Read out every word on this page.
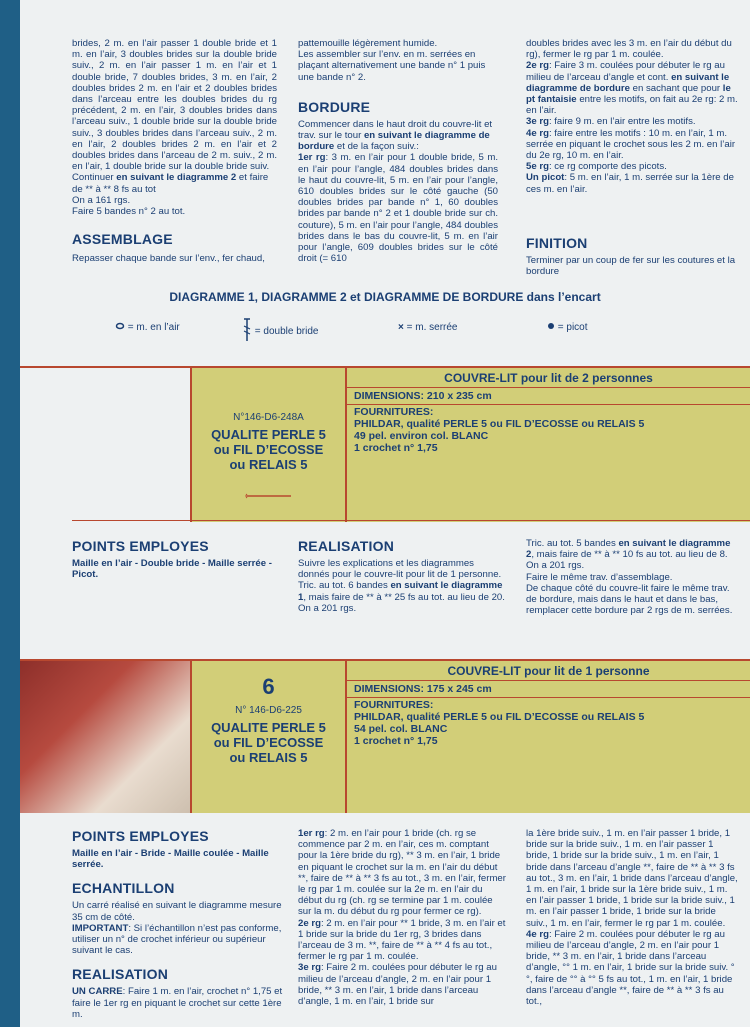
brides, 2 m. en l’air passer 1 double bride et 1 m. en l’air, 3 doubles brides sur la double bride suiv., 2 m. en l’air passer 1 m. en l’air et 1 double bride, 7 doubles brides, 3 m. en l’air, 2 doubles brides 2 m. en l’air et 2 doubles brides dans l’arceau entre les doubles brides du rg précédent, 2 m. en l’air, 3 doubles brides dans l’arceau suiv., 1 double bride sur la double bride suiv., 3 doubles brides dans l’arceau suiv., 2 m. en l’air, 2 doubles brides 2 m. en l’air et 2 doubles brides dans l’arceau de 2 m. suiv., 2 m. en l’air, 1 double bride sur la double bride suiv.

Continuer en suivant le diagramme 2 et faire de ** à ** 8 fs au tot

On a 161 rgs.

Faire 5 bandes n° 2 au tot.

ASSEMBLAGE

Repasser chaque bande sur l’env., fer chaud,

pattemouille légèrement humide.

Les assembler sur l’env. en m. serrées en plaçant alternativement une bande n° 1 puis une bande n° 2.

BORDURE

Commencer dans le haut droit du couvre-lit et trav. sur le tour en suivant le diagramme de bordure et de la façon suiv.:

1er rg: 3 m. en l’air pour 1 double bride, 5 m. en l’air pour l’angle, 484 doubles brides dans le haut du couvre-lit, 5 m. en l’air pour l’angle, 610 doubles brides sur le côté gauche (50 doubles brides par bande n° 1, 60 doubles brides par bande n° 2 et 1 double bride sur ch. couture), 5 m. en l’air pour l’angle, 484 doubles brides dans le bas du couvre-lit, 5 m. en l’air pour l’angle, 609 doubles brides sur le côté droit (= 610

doubles brides avec les 3 m. en l’air du début du rg), fermer le rg par 1 m. coulée.

2e rg: Faire 3 m. coulées pour débuter le rg au milieu de l’arceau d’angle et cont. en suivant le diagramme de bordure en sachant que pour le pt fantaisie entre les motifs, on fait au 2e rg: 2 m. en l’air.

3e rg: faire 9 m. en l’air entre les motifs.

4e rg: faire entre les motifs : 10 m. en l’air, 1 m. serrée en piquant le crochet sous les 2 m. en l’air du 2e rg, 10 m. en l’air.

5e rg: ce rg comporte des picots.

Un picot: 5 m. en l’air, 1 m. serrée sur la 1ère de ces m. en l’air.

FINITION

Terminer par un coup de fer sur les coutures et la bordure

DIAGRAMME 1, DIAGRAMME 2 et DIAGRAMME DE BORDURE dans l’encart
= m. en l’air	= double bride	× = m. serrée	= picot
N°146-D6-248A
QUALITE PERLE 5
ou FIL D’ECOSSE
ou RELAIS 5
COUVRE-LIT pour lit de 2 personnes
DIMENSIONS: 210 x 235 cm
FOURNITURES:
PHILDAR, qualité PERLE 5 ou FIL D’ECOSSE ou RELAIS 5
49 pel. environ col. BLANC
1 crochet n° 1,75

POINTS EMPLOYES

Maille en l’air - Double bride - Maille serrée - Picot.

REALISATION

Suivre les explications et les diagrammes donnés pour le couvre-lit pour lit de 1 personne.

Tric. au tot. 6 bandes en suivant le diagramme 1, mais faire de ** à ** 25 fs au tot. au lieu de 20. On a 201 rgs.

Tric. au tot. 5 bandes en suivant le diagramme 2, mais faire de ** à ** 10 fs au tot. au lieu de 8. On a 201 rgs.

Faire le même trav. d’assemblage.

De chaque côté du couvre-lit faire le même trav. de bordure, mais dans le haut et dans le bas, remplacer cette bordure par 2 rgs de m. serrées.

6
N° 146-D6-225
QUALITE PERLE 5
ou FIL D’ECOSSE
ou RELAIS 5
COUVRE-LIT pour lit de 1 personne
DIMENSIONS: 175 x 245 cm
FOURNITURES:
PHILDAR, qualité PERLE 5 ou FIL D’ECOSSE ou RELAIS 5
54 pel. col. BLANC
1 crochet n° 1,75

POINTS EMPLOYES

Maille en l’air - Bride - Maille coulée - Maille serrée.

ECHANTILLON

Un carré réalisé en suivant le diagramme mesure 35 cm de côté.

IMPORTANT: Si l’échantillon n’est pas conforme, utiliser un n° de crochet inférieur ou supérieur suivant le cas.

REALISATION

UN CARRE: Faire 1 m. en l’air, crochet n° 1,75 et faire le 1er rg en piquant le crochet sur cette 1ère m.

1er rg: 2 m. en l’air pour 1 bride (ch. rg se commence par 2 m. en l’air, ces m. comptant pour la 1ère bride du rg), ** 3 m. en l’air, 1 bride en piquant le crochet sur la m. en l’air du début **, faire de ** à ** 3 fs au tot., 3 m. en l’air, fermer le rg par 1 m. coulée sur la 2e m. en l’air du début du rg (ch. rg se termine par 1 m. coulée sur la m. du début du rg pour fermer ce rg).

2e rg: 2 m. en l’air pour ** 1 bride, 3 m. en l’air et 1 bride sur la bride du 1er rg, 3 brides dans l’arceau de 3 m. **, faire de ** à ** 4 fs au tot., fermer le rg par 1 m. coulée.

3e rg: Faire 2 m. coulées pour débuter le rg au milieu de l’arceau d’angle, 2 m. en l’air pour 1 bride, ** 3 m. en l’air, 1 bride dans l’arceau d’angle, 1 m. en l’air, 1 bride sur

la 1ère bride suiv., 1 m. en l’air passer 1 bride, 1 bride sur la bride suiv., 1 m. en l’air passer 1 bride, 1 bride sur la bride suiv., 1 m. en l’air, 1 bride dans l’arceau d’angle **, faire de ** à ** 3 fs au tot., 3 m. en l’air, 1 bride dans l’arceau d’angle, 1 m. en l’air, 1 bride sur la 1ère bride suiv., 1 m. en l’air passer 1 bride, 1 bride sur la bride suiv., 1 m. en l’air passer 1 bride, 1 bride sur la bride suiv., 1 m. en l’air, fermer le rg par 1 m. coulée.

4e rg: Faire 2 m. coulées pour débuter le rg au milieu de l’arceau d’angle, 2 m. en l’air pour 1 bride, ** 3 m. en l’air, 1 bride dans l’arceau d’angle, °° 1 m. en l’air, 1 bride sur la bride suiv. °°, faire de °° à °° 5 fs au tot., 1 m. en l’air, 1 bride dans l’arceau d’angle **, faire de ** à ** 3 fs au tot.,
